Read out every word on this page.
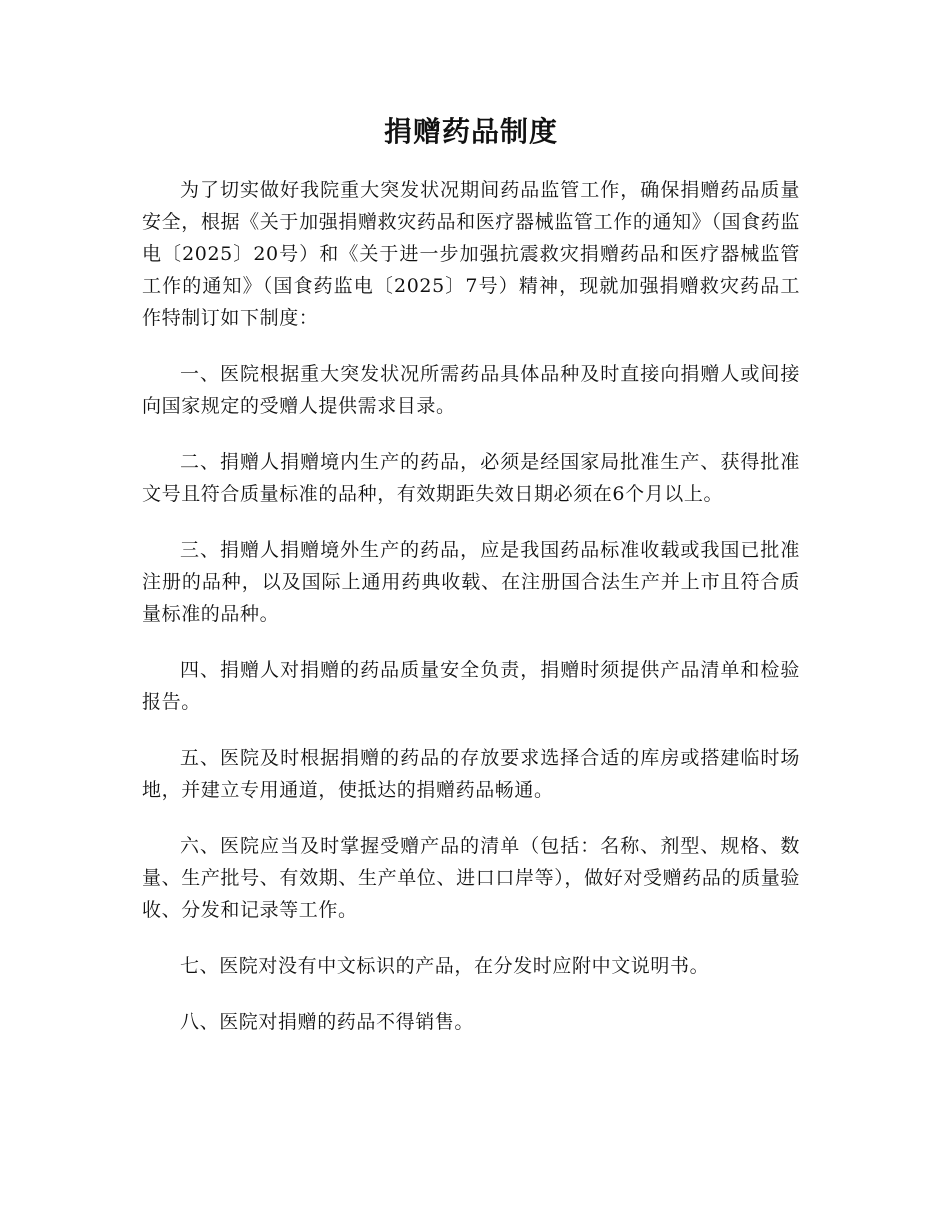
捐赠药品制度

为了切实做好我院重大突发状况期间药品监管工作，确保捐赠药品质量安全，根据《关于加强捐赠救灾药品和医疗器械监管工作的通知》（国食药监电〔2025〕20号）和《关于进一步加强抗震救灾捐赠药品和医疗器械监管工作的通知》（国食药监电〔2025〕7号）精神，现就加强捐赠救灾药品工作特制订如下制度：

一、医院根据重大突发状况所需药品具体品种及时直接向捐赠人或间接向国家规定的受赠人提供需求目录。

二、捐赠人捐赠境内生产的药品，必须是经国家局批准生产、获得批准文号且符合质量标准的品种，有效期距失效日期必须在6个月以上。

三、捐赠人捐赠境外生产的药品，应是我国药品标准收载或我国已批准注册的品种，以及国际上通用药典收载、在注册国合法生产并上市且符合质量标准的品种。

四、捐赠人对捐赠的药品质量安全负责，捐赠时须提供产品清单和检验报告。

五、医院及时根据捐赠的药品的存放要求选择合适的库房或搭建临时场地，并建立专用通道，使抵达的捐赠药品畅通。

六、医院应当及时掌握受赠产品的清单（包括：名称、剂型、规格、数量、生产批号、有效期、生产单位、进口口岸等），做好对受赠药品的质量验收、分发和记录等工作。

七、医院对没有中文标识的产品，在分发时应附中文说明书。

八、医院对捐赠的药品不得销售。
